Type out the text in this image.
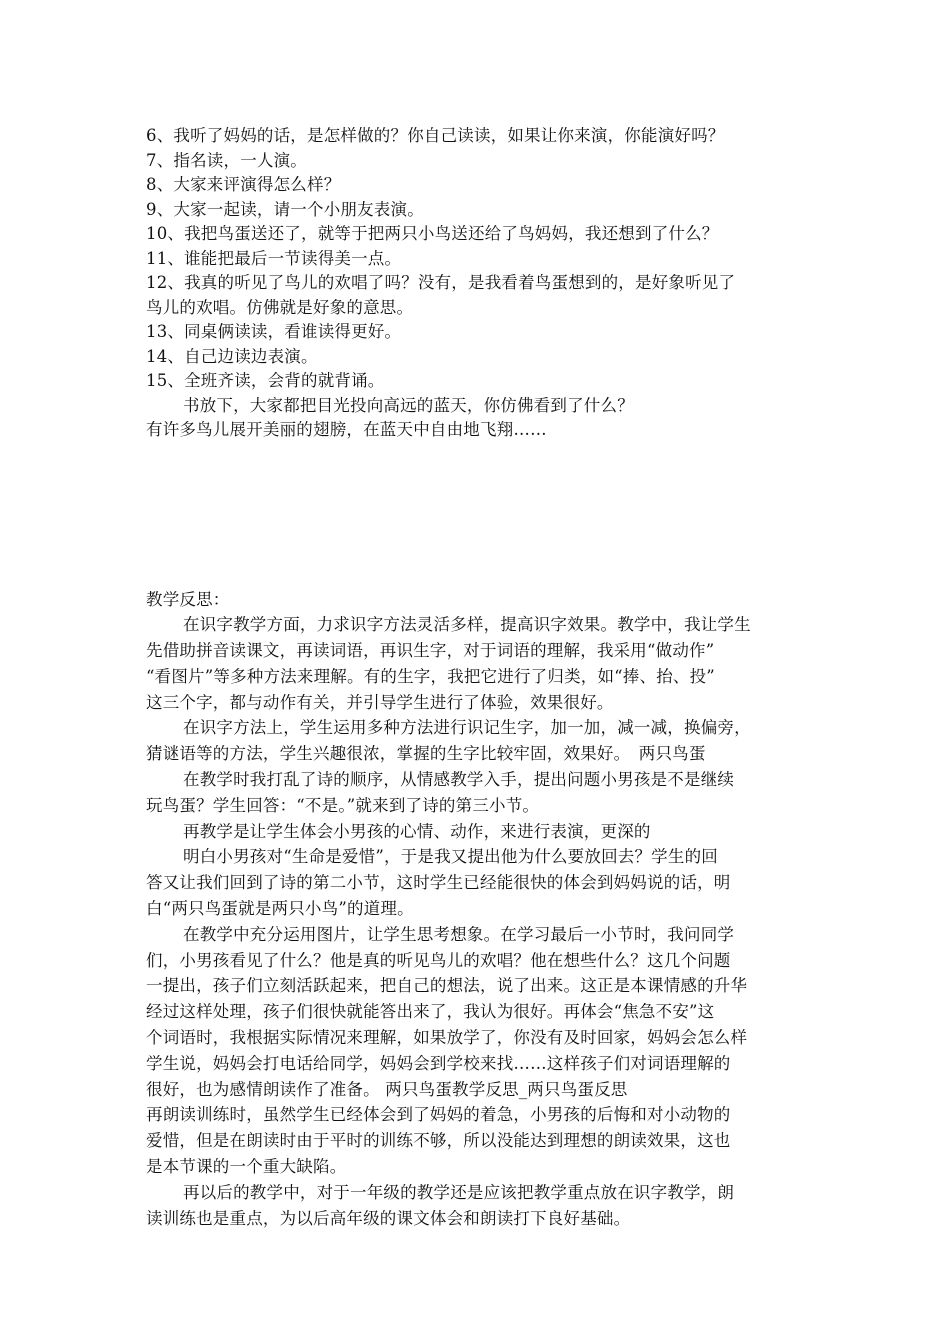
6、我听了妈妈的话，是怎样做的？你自己读读，如果让你来演，你能演好吗？
7、指名读，一人演。
8、大家来评演得怎么样？
9、大家一起读，请一个小朋友表演。
10、我把鸟蛋送还了，就等于把两只小鸟送还给了鸟妈妈，我还想到了什么？
11、谁能把最后一节读得美一点。
12、我真的听见了鸟儿的欢唱了吗？没有，是我看着鸟蛋想到的，是好象听见了
鸟儿的欢唱。仿佛就是好象的意思。
13、同桌俩读读，看谁读得更好。
14、自己边读边表演。
15、全班齐读，会背的就背诵。
书放下，大家都把目光投向高远的蓝天，你仿佛看到了什么？
有许多鸟儿展开美丽的翅膀，在蓝天中自由地飞翔……
教学反思：
在识字教学方面，力求识字方法灵活多样，提高识字效果。教学中，我让学生
先借助拼音读课文，再读词语，再识生字，对于词语的理解，我采用“做动作”
“看图片”等多种方法来理解。有的生字，我把它进行了归类，如“捧、抬、投”
这三个字，都与动作有关，并引导学生进行了体验，效果很好。
在识字方法上，学生运用多种方法进行识记生字，加一加，减一减，换偏旁，
猜谜语等的方法，学生兴趣很浓，掌握的生字比较牢固，效果好。　两只鸟蛋
在教学时我打乱了诗的顺序，从情感教学入手，提出问题小男孩是不是继续
玩鸟蛋？学生回答：“不是。”就来到了诗的第三小节。
再教学是让学生体会小男孩的心情、动作，来进行表演，更深的
明白小男孩对“生命是爱惜”，于是我又提出他为什么要放回去？学生的回
答又让我们回到了诗的第二小节，这时学生已经能很快的体会到妈妈说的话，明
白“两只鸟蛋就是两只小鸟”的道理。
在教学中充分运用图片，让学生思考想象。在学习最后一小节时，我问同学
们，小男孩看见了什么？他是真的听见鸟儿的欢唱？他在想些什么？这几个问题
一提出，孩子们立刻活跃起来，把自己的想法，说了出来。这正是本课情感的升华
经过这样处理，孩子们很快就能答出来了，我认为很好。再体会“焦急不安”这
个词语时，我根据实际情况来理解，如果放学了，你没有及时回家，妈妈会怎么样
学生说，妈妈会打电话给同学，妈妈会到学校来找……这样孩子们对词语理解的
很好，也为感情朗读作了准备。 两只鸟蛋教学反思_两只鸟蛋反思
再朗读训练时，虽然学生已经体会到了妈妈的着急，小男孩的后悔和对小动物的
爱惜，但是在朗读时由于平时的训练不够，所以没能达到理想的朗读效果，这也
是本节课的一个重大缺陷。
再以后的教学中，对于一年级的教学还是应该把教学重点放在识字教学，朗
读训练也是重点，为以后高年级的课文体会和朗读打下良好基础。
